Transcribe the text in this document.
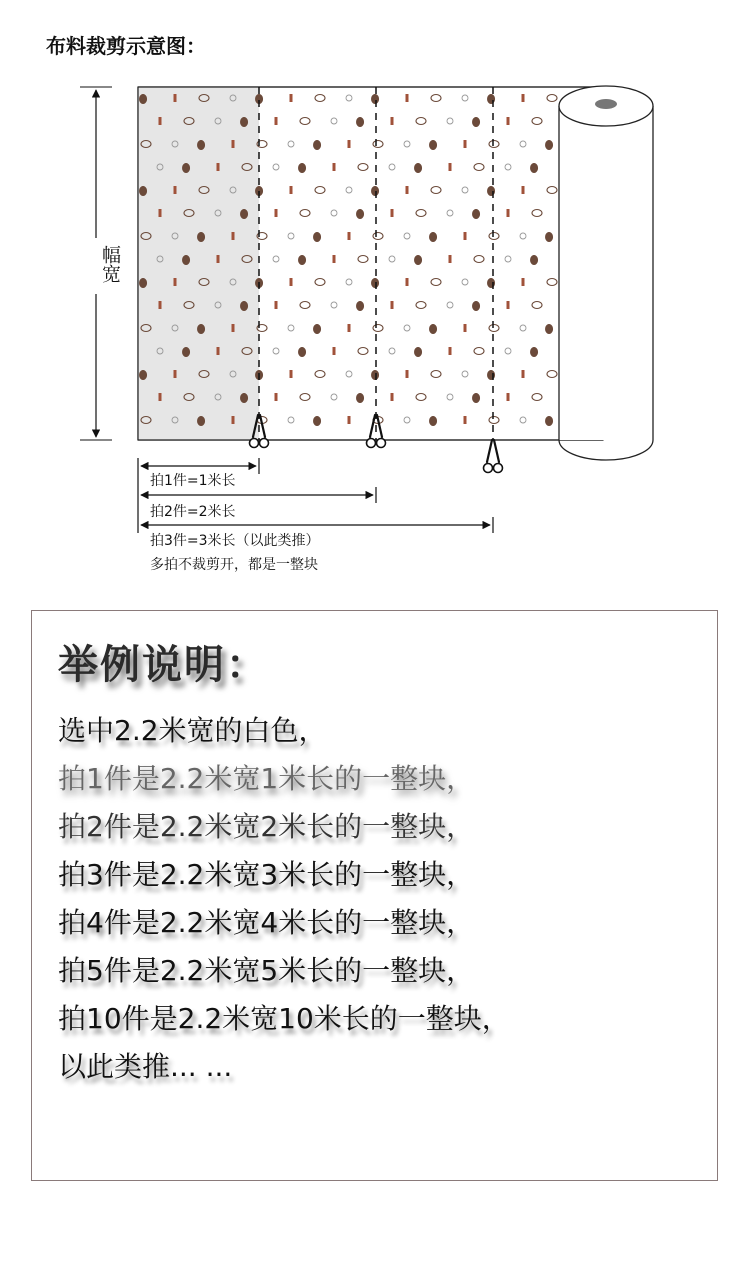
布料裁剪示意图：
幅宽
拍1件=1米长
拍2件=2米长
拍3件=3米长（以此类推）
多拍不裁剪开，都是一整块
举例说明：
选中2.2米宽的白色，
拍1件是2.2米宽1米长的一整块，
拍2件是2.2米宽2米长的一整块，
拍3件是2.2米宽3米长的一整块，
拍4件是2.2米宽4米长的一整块，
拍5件是2.2米宽5米长的一整块，
拍10件是2.2米宽10米长的一整块，
以此类推... ...
